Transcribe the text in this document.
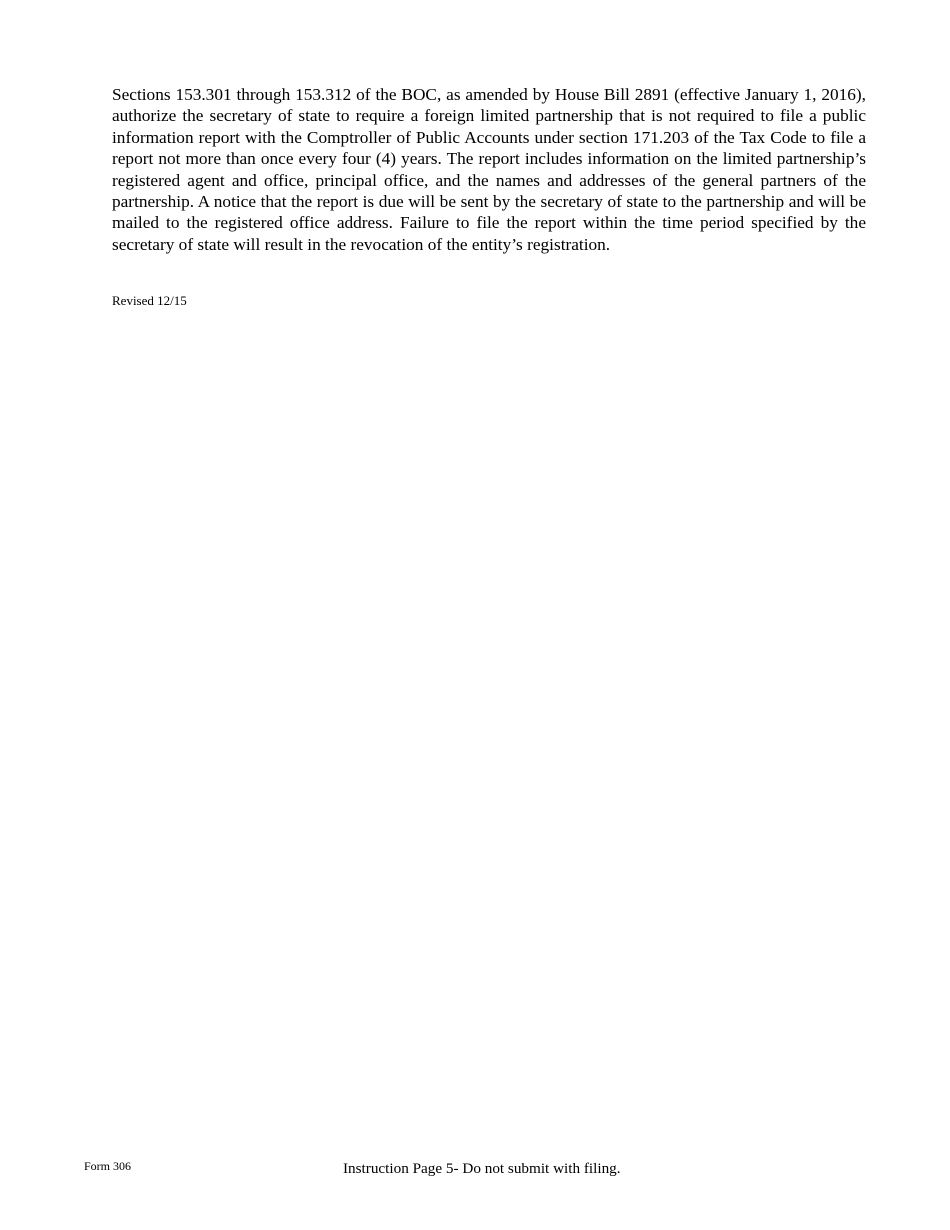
Sections 153.301 through 153.312 of the BOC, as amended by House Bill 2891 (effective January 1, 2016), authorize the secretary of state to require a foreign limited partnership that is not required to file a public information report with the Comptroller of Public Accounts under section 171.203 of the Tax Code to file a report not more than once every four (4) years. The report includes information on the limited partnership’s registered agent and office, principal office, and the names and addresses of the general partners of the partnership. A notice that the report is due will be sent by the secretary of state to the partnership and will be mailed to the registered office address. Failure to file the report within the time period specified by the secretary of state will result in the revocation of the entity’s registration.

Revised 12/15

Form 306	Instruction Page 5- Do not submit with filing.
